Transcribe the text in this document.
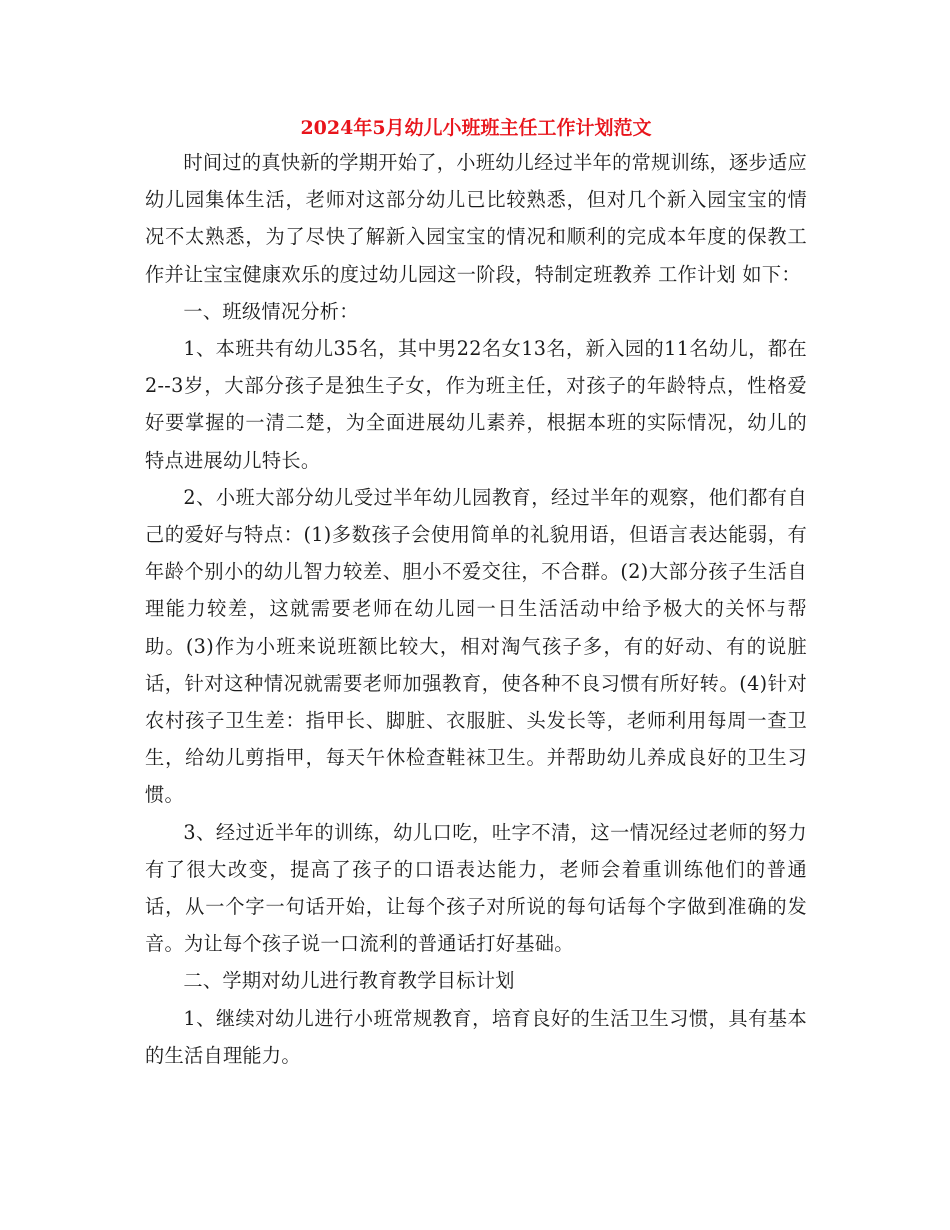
2024年5月幼儿小班班主任工作计划范文

时间过的真快新的学期开始了，小班幼儿经过半年的常规训练，逐步适应幼儿园集体生活，老师对这部分幼儿已比较熟悉，但对几个新入园宝宝的情况不太熟悉，为了尽快了解新入园宝宝的情况和顺利的完成本年度的保教工作并让宝宝健康欢乐的度过幼儿园这一阶段，特制定班教养 工作计划 如下：

一、班级情况分析：

1、本班共有幼儿35名，其中男22名女13名，新入园的11名幼儿，都在2--3岁，大部分孩子是独生子女，作为班主任，对孩子的年龄特点，性格爱好要掌握的一清二楚，为全面进展幼儿素养，根据本班的实际情况，幼儿的特点进展幼儿特长。

2、小班大部分幼儿受过半年幼儿园教育，经过半年的观察，他们都有自己的爱好与特点：(1)多数孩子会使用简单的礼貌用语，但语言表达能弱，有年龄个别小的幼儿智力较差、胆小不爱交往，不合群。(2)大部分孩子生活自理能力较差，这就需要老师在幼儿园一日生活活动中给予极大的关怀与帮助。(3)作为小班来说班额比较大，相对淘气孩子多，有的好动、有的说脏话，针对这种情况就需要老师加强教育，使各种不良习惯有所好转。(4)针对农村孩子卫生差：指甲长、脚脏、衣服脏、头发长等，老师利用每周一查卫生，给幼儿剪指甲，每天午休检查鞋袜卫生。并帮助幼儿养成良好的卫生习惯。

3、经过近半年的训练，幼儿口吃，吐字不清，这一情况经过老师的努力有了很大改变，提高了孩子的口语表达能力，老师会着重训练他们的普通话，从一个字一句话开始，让每个孩子对所说的每句话每个字做到准确的发音。为让每个孩子说一口流利的普通话打好基础。

二、学期对幼儿进行教育教学目标计划

1、继续对幼儿进行小班常规教育，培育良好的生活卫生习惯，具有基本的生活自理能力。
